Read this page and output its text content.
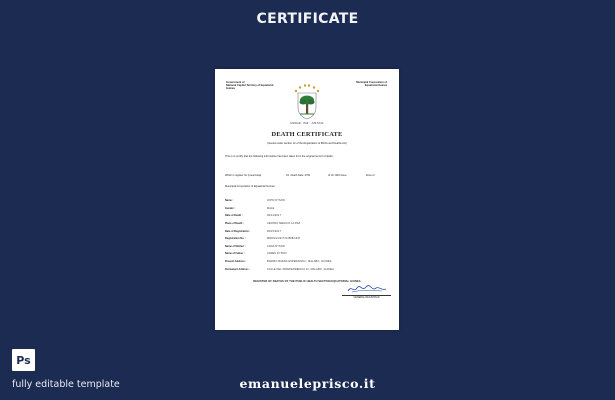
CERTIFICATE
Government of
National Capital Territory of Equatorial
Guinea
Municipal Corporation of
Equatorial Guinea
UNIDAD · PAZ · JUSTICIA
DEATH CERTIFICATE
(Issued under section 12 of the Registration of Births and Deaths Act)
This is to certify that the following information has been taken from the original record of death,
Which is register for (Local Area)	Ch. Death Date: 2764	of Ch. Birth Area	Zone of
Municipal Corporation of Equatorial Guinea
Name :	JOHN DYSON
Gender :	MALE
Date of Death :	09/14/2017
Place of Death :	CENTRO MEDICO LA PAZ
Date of Registration :	09/15/2017
Registration No. :	MRDGG/2017/G4568/1947
Name of Mother :	ANNA DYSON
Name of Father :	JAMES DYSON
Present Address :	BARRIO BUENA ESPERANZA I, MALABO, GUINEA
Permanent Address :	CALLE DEL INDEPENDENCIA 12, MALABO, GUINEA
REGISTER OF DEATHS OF THE PUBLIC HEALTH SECTION EQUATORIAL GUINEA
GENERAL REGISTRAR
Ps
fully editable template	emanueleprisco.it
